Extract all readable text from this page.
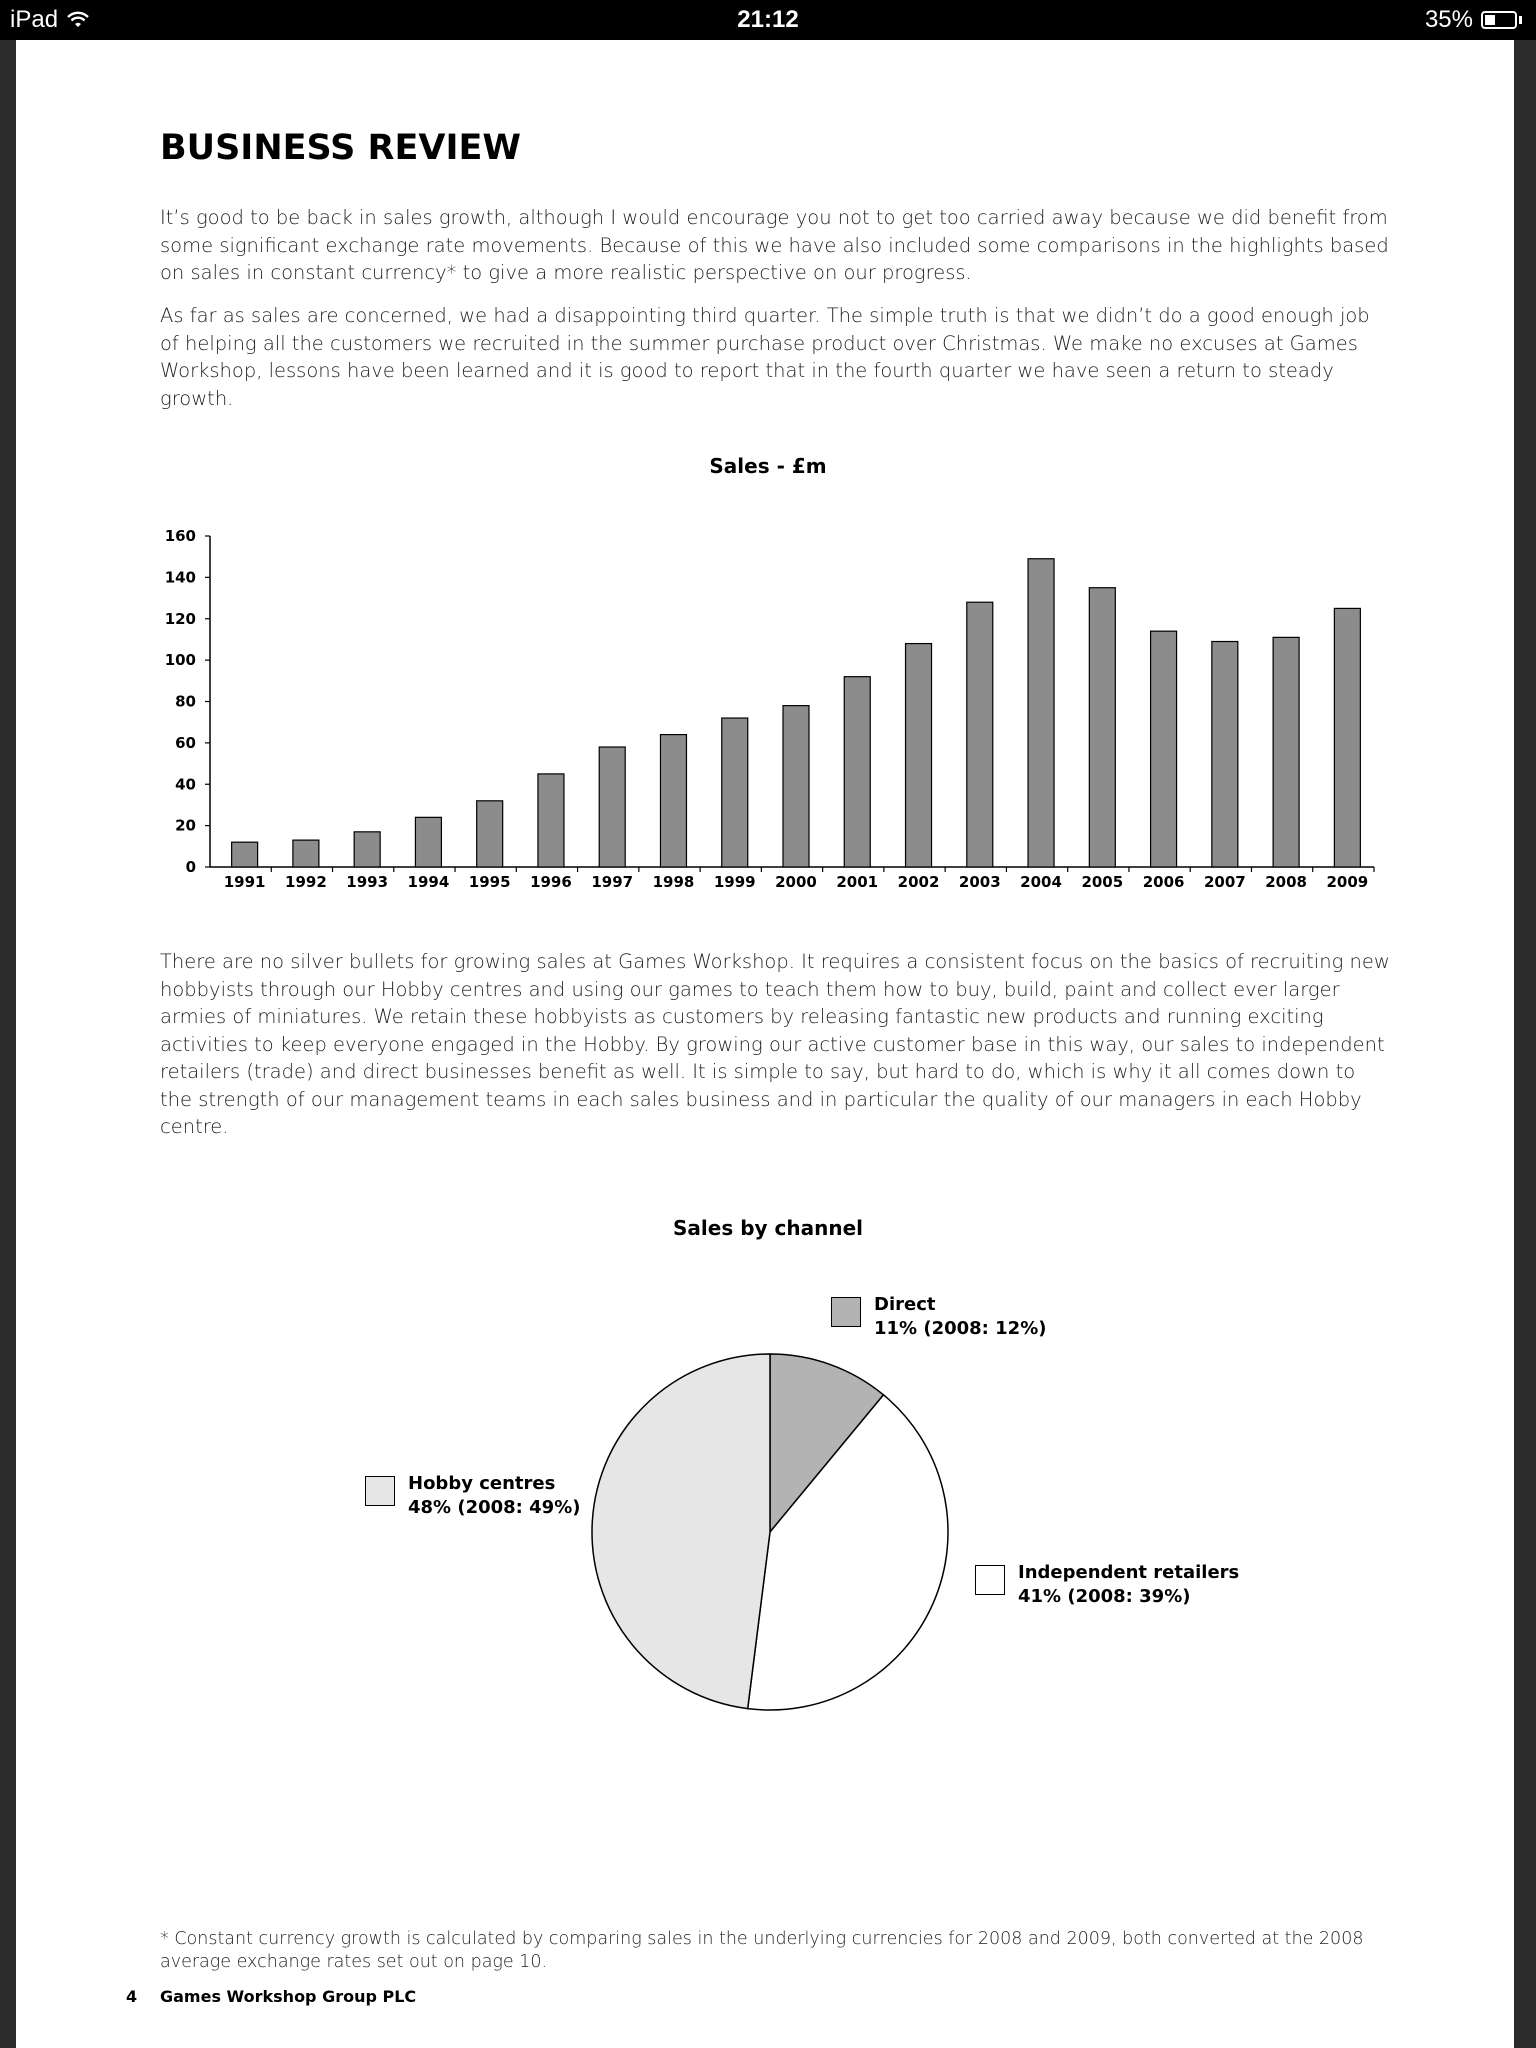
iPad	21:12	35%
BUSINESS REVIEW

It’s good to be back in sales growth, although I would encourage you not to get too carried away because we did benefit from some significant exchange rate movements. Because of this we have also included some comparisons in the highlights based on sales in constant currency* to give a more realistic perspective on our progress.

As far as sales are concerned, we had a disappointing third quarter. The simple truth is that we didn’t do a good enough job of helping all the customers we recruited in the summer purchase product over Christmas. We make no excuses at Games Workshop, lessons have been learned and it is good to report that in the fourth quarter we have seen a return to steady growth.

Sales - £m
0
20
40
60
80
100
120
140
160
1991 1992 1993 1994 1995 1996 1997 1998 1999 2000 2001 2002 2003 2004 2005 2006 2007 2008 2009

There are no silver bullets for growing sales at Games Workshop. It requires a consistent focus on the basics of recruiting new hobbyists through our Hobby centres and using our games to teach them how to buy, build, paint and collect ever larger armies of miniatures. We retain these hobbyists as customers by releasing fantastic new products and running exciting activities to keep everyone engaged in the Hobby. By growing our active customer base in this way, our sales to independent retailers (trade) and direct businesses benefit as well. It is simple to say, but hard to do, which is why it all comes down to the strength of our management teams in each sales business and in particular the quality of our managers in each Hobby centre.

Sales by channel
Direct
11% (2008: 12%)
Hobby centres
48% (2008: 49%)
Independent retailers
41% (2008: 39%)

* Constant currency growth is calculated by comparing sales in the underlying currencies for 2008 and 2009, both converted at the 2008 average exchange rates set out on page 10.

4 Games Workshop Group PLC
